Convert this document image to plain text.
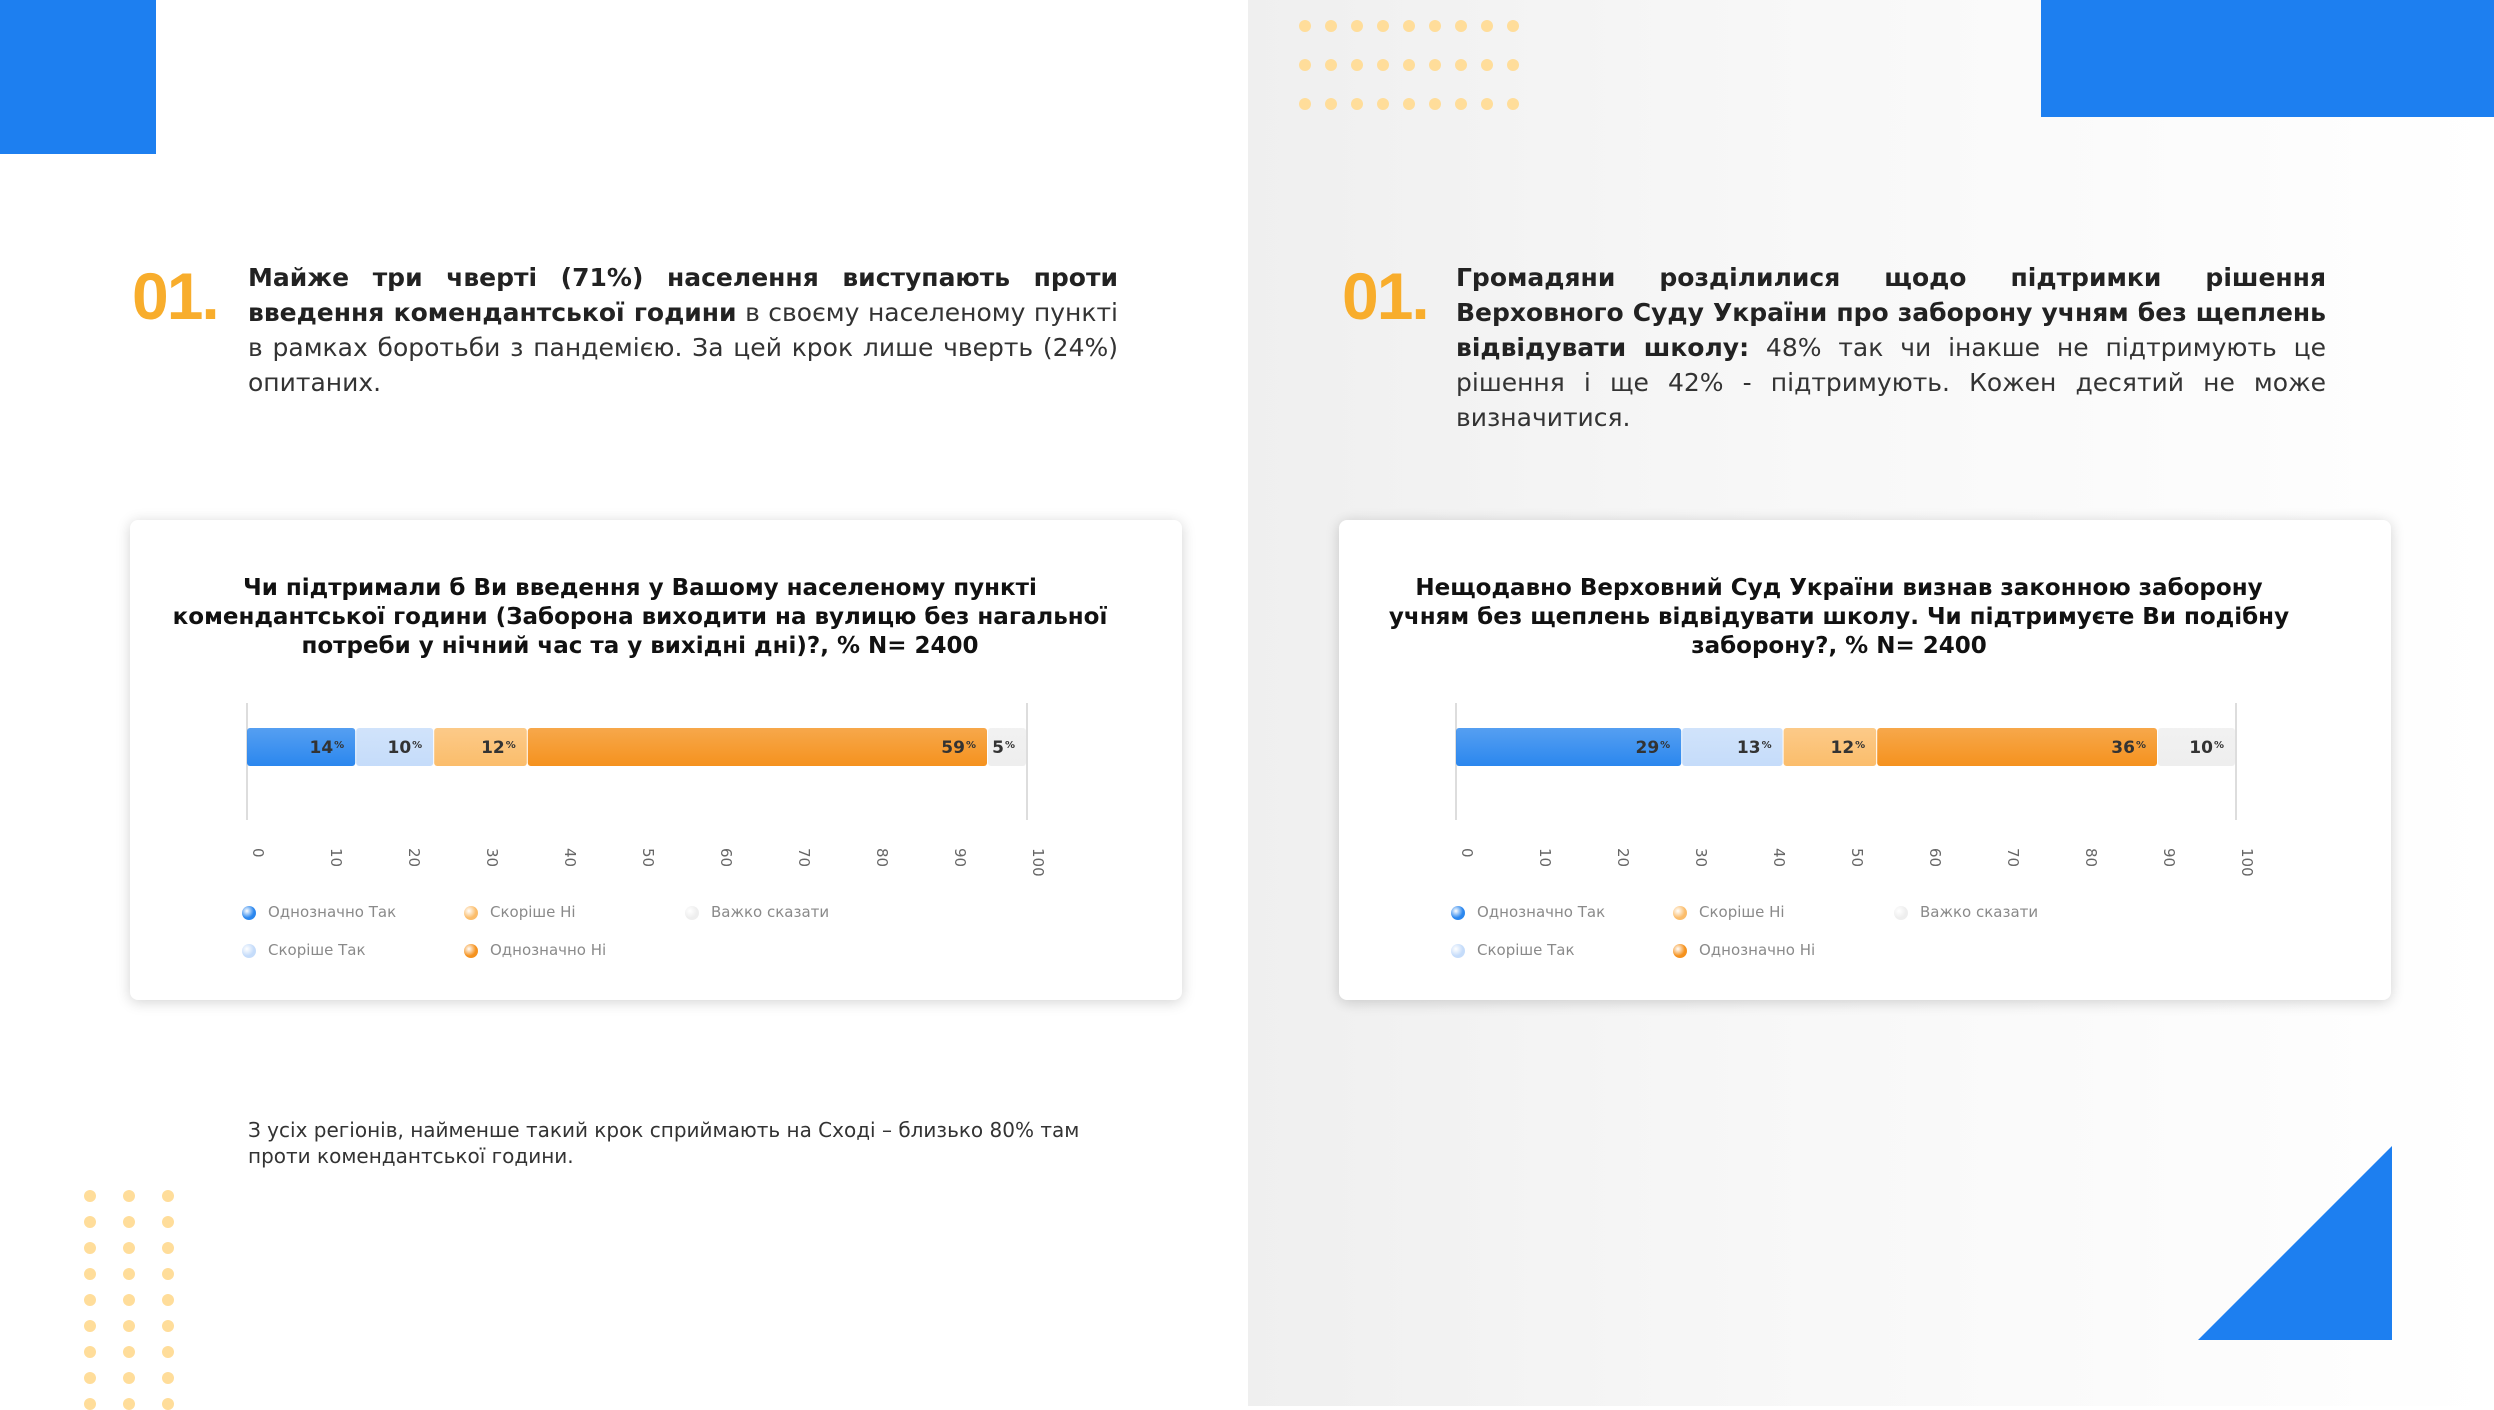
01. Майже три чверті (71%) населення виступають проти введення комендантської години в своєму населеному пункті в рамках боротьби з пандемією. За цей крок лише чверть (24%) опитаних.
Чи підтримали б Ви введення у Вашому населеному пункті комендантської години (Заборона виходити на вулицю без нагальної потреби у нічний час та у вихідні дні)?, % N= 2400
14%	10%	12%	59% 5%
0	10	20	30	40	50	60	70	80	90	100
Однозначно Так	Скоріше Ні	Важко сказати
Скоріше Так	Однозначно Ні
З усіх регіонів, найменше такий крок сприймають на Сході – близько 80% там проти комендантської години.
01. Громадяни розділилися щодо підтримки рішення Верховного Суду України про заборону учням без щеплень відвідувати школу: 48% так чи інакше не підтримують це рішення і ще 42% - підтримують. Кожен десятий не може визначитися.
Нещодавно Верховний Суд України визнав законною заборону учням без щеплень відвідувати школу. Чи підтримуєте Ви подібну заборону?, % N= 2400
29%	13%	12%	36%	10%
0	10	20	30	40	50	60	70	80	90	100
Однозначно Так	Скоріше Ні	Важко сказати
Скоріше Так	Однозначно Ні
